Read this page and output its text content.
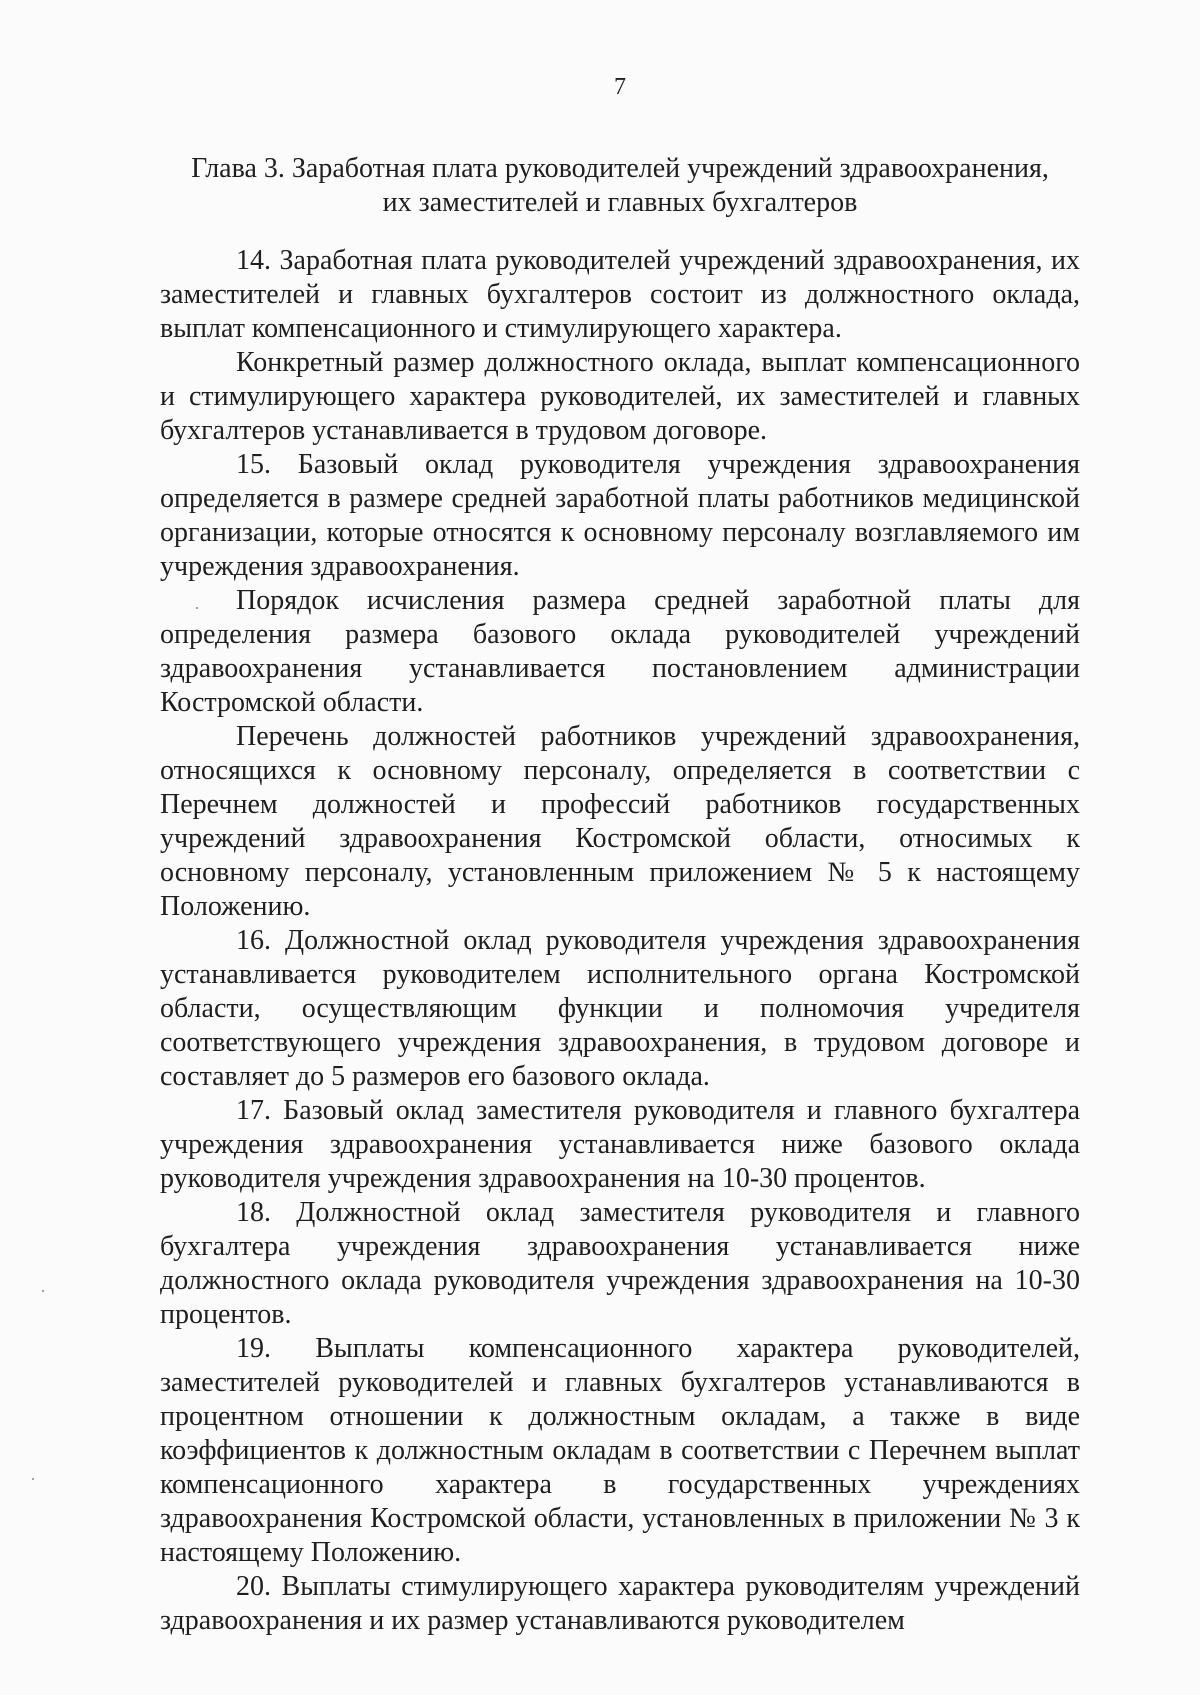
7
Глава 3. Заработная плата руководителей учреждений здравоохранения,
их заместителей и главных бухгалтеров

14. Заработная плата руководителей учреждений здравоохранения, их заместителей и главных бухгалтеров состоит из должностного оклада, выплат компенсационного и стимулирующего характера.

Конкретный размер должностного оклада, выплат компенсационного и стимулирующего характера руководителей, их заместителей и главных бухгалтеров устанавливается в трудовом договоре.

15. Базовый оклад руководителя учреждения здравоохранения определяется в размере средней заработной платы работников медицинской организации, которые относятся к основному персоналу возглавляемого им учреждения здравоохранения.

Порядок исчисления размера средней заработной платы для определения размера базового оклада руководителей учреждений здравоохранения устанавливается постановлением администрации Костромской области.

Перечень должностей работников учреждений здравоохранения, относящихся к основному персоналу, определяется в соответствии с Перечнем должностей и профессий работников государственных учреждений здравоохранения Костромской области, относимых к основному персоналу, установленным приложением № 5 к настоящему Положению.

16. Должностной оклад руководителя учреждения здравоохранения устанавливается руководителем исполнительного органа Костромской области, осуществляющим функции и полномочия учредителя соответствующего учреждения здравоохранения, в трудовом договоре и составляет до 5 размеров его базового оклада.

17. Базовый оклад заместителя руководителя и главного бухгалтера учреждения здравоохранения устанавливается ниже базового оклада руководителя учреждения здравоохранения на 10-30 процентов.

18. Должностной оклад заместителя руководителя и главного бухгалтера учреждения здравоохранения устанавливается ниже должностного оклада руководителя учреждения здравоохранения на 10-30 процентов.

19. Выплаты компенсационного характера руководителей, заместителей руководителей и главных бухгалтеров устанавливаются в процентном отношении к должностным окладам, а также в виде коэффициентов к должностным окладам в соответствии с Перечнем выплат компенсационного характера в государственных учреждениях здравоохранения Костромской области, установленных в приложении № 3 к настоящему Положению.

20. Выплаты стимулирующего характера руководителям учреждений здравоохранения и их размер устанавливаются руководителем
